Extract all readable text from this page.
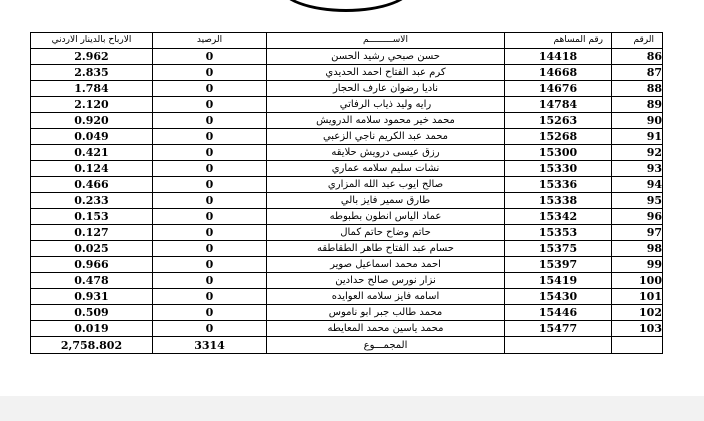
الرقم	رقم المساهم	الاســـــــــم	الرصيد	الارباح بالدينار الاردني
86	14418	حسن صبحي رشيد الحسن	0	2.962
87	14668	كرم عبد الفتاح احمد الحديدي	0	2.835
88	14676	ناديا رضوان عارف الحجار	0	1.784
89	14784	رايه وليد ذياب الرفاتي	0	2.120
90	15263	محمد خير محمود سلامه الدرويش	0	0.920
91	15268	محمد عبد الكريم ناجي الزعبي	0	0.049
92	15300	رزق عيسى درويش حلايقه	0	0.421
93	15330	نشات سليم سلامه عماري	0	0.124
94	15336	صالح ايوب عبد الله المزاري	0	0.466
95	15338	طارق سمير فايز بالي	0	0.233
96	15342	عماد الياس انطون بطبوطه	0	0.153
97	15353	حاتم وضاح حاتم كمال	0	0.127
98	15375	حسام عبد الفتاح طاهر الطقاطقه	0	0.025
99	15397	احمد محمد اسماعيل صوير	0	0.966
100	15419	نزار نورس صالح حدادين	0	0.478
101	15430	اسامه فايز سلامه العوايده	0	0.931
102	15446	محمد طالب جبر ابو ناموس	0	0.509
103	15477	محمد ياسين محمد المعايطه	0	0.019
		المجمـــوع	3314	2,758.802
